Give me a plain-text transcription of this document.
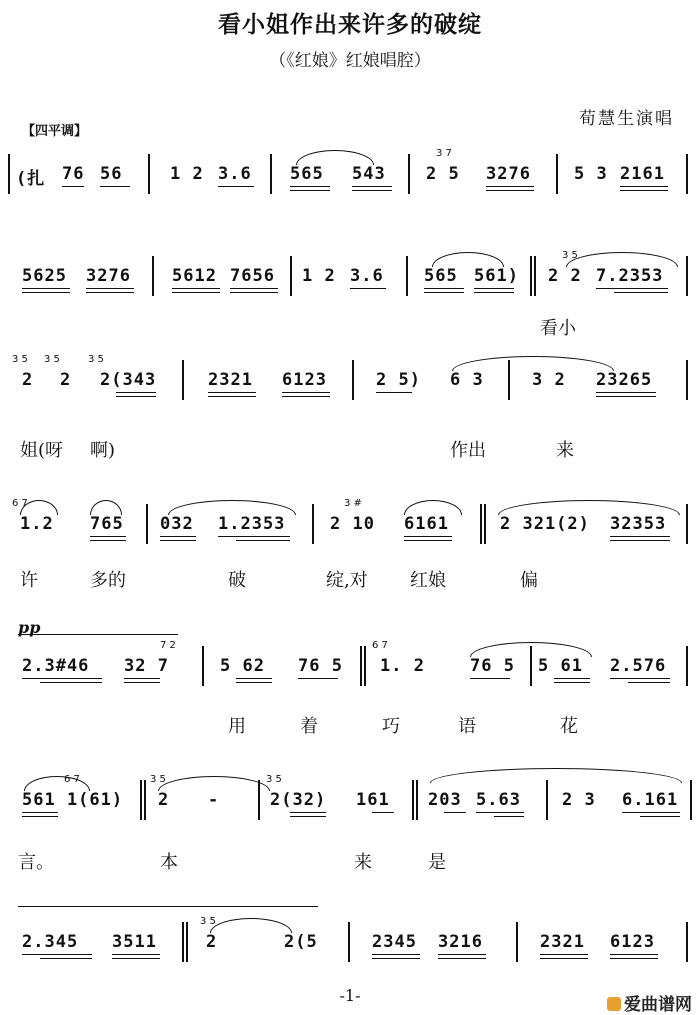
看小姐作出来许多的破绽
（《红娘》红娘唱腔）
荀慧生演唱
【四平调】
(扎 76 56	1 2 3.6 565 543
3 7
2 5 3276	5 3 2161
5625 3276 5612 7656 1 2 3.6 565 561)
3 5
2 2 7.2353
看小
3 5 3 5	3 5
2 2 2(343	2321 6123	2 5) 6 3	3 2 23265
姐(呀 啊)	作出	来
6 7
1.2 765 032 1.2353
3 #
2 10 6161	2 321(2) 32353
许	多的	破	绽,对 红娘	偏
pp
2.3#46 32 7
7 2
5 62 76 5
6 7
1. 2	76 5 5 61 2.576
用	着	巧	语	花
6 7
561 1(61)
3 5
2 -
3 5
2(32) 161 203 5.63 2 3 6.161
言。	本	来	是
2.345 3511
3 5
2	2(5	2345 3216	2321 6123
-1-	爱曲谱网
